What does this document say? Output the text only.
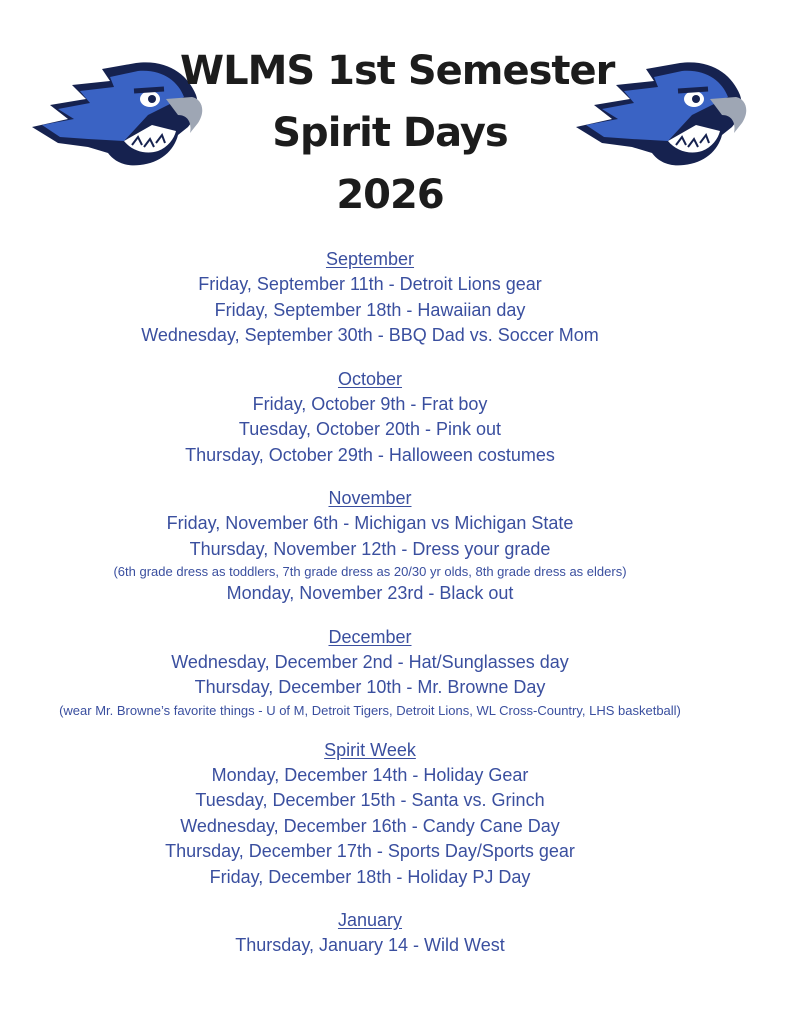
WLMS 1st Semester
Spirit Days
2026
September
Friday, September 11th - Detroit Lions gear
Friday, September 18th - Hawaiian day
Wednesday, September 30th - BBQ Dad vs. Soccer Mom
October
Friday, October 9th - Frat boy
Tuesday, October 20th - Pink out
Thursday, October 29th - Halloween costumes
November
Friday, November 6th - Michigan vs Michigan State
Thursday, November 12th - Dress your grade
(6th grade dress as toddlers, 7th grade dress as 20/30 yr olds, 8th grade dress as elders)
Monday, November 23rd - Black out
December
Wednesday, December 2nd - Hat/Sunglasses day
Thursday, December 10th - Mr. Browne Day
(wear Mr. Browne’s favorite things - U of M, Detroit Tigers, Detroit Lions, WL Cross-Country, LHS basketball)
Spirit Week
Monday, December 14th - Holiday Gear
Tuesday, December 15th - Santa vs. Grinch
Wednesday, December 16th - Candy Cane Day
Thursday, December 17th - Sports Day/Sports gear
Friday, December 18th - Holiday PJ Day
January
Thursday, January 14 - Wild West
